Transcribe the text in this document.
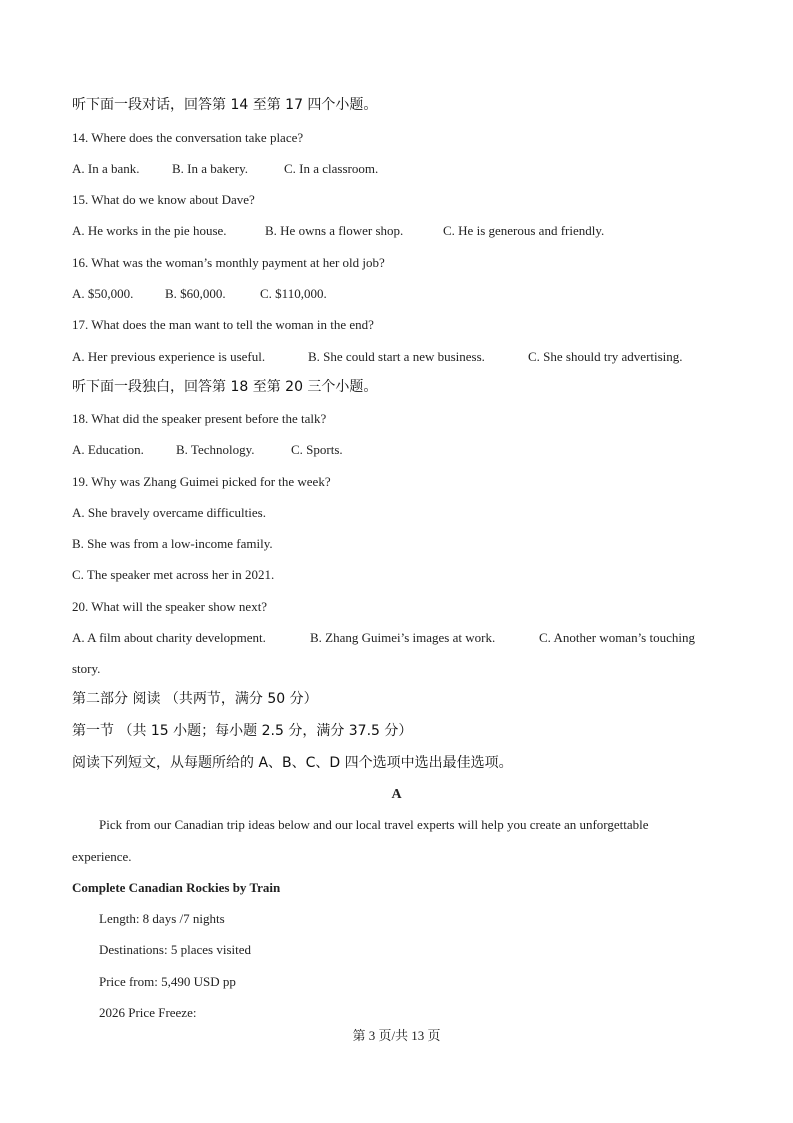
听下面一段对话，回答第 14 至第 17 四个小题。
14. Where does the conversation take place?
A. In a bank. B. In a bakery.	C. In a classroom.
15. What do we know about Dave?
A. He works in the pie house.	B. He owns a flower shop.	C. He is generous and friendly.
16. What was the woman’s monthly payment at her old job?
A. $50,000. B. $60,000.	C. $110,000.
17. What does the man want to tell the woman in the end?
A. Her previous experience is useful.	B. She could start a new business.	C. She should try advertising.
听下面一段独白，回答第 18 至第 20 三个小题。
18. What did the speaker present before the talk?
A. Education. B. Technology.	C. Sports.
19. Why was Zhang Guimei picked for the week?
A. She bravely overcame difficulties.
B. She was from a low-income family.
C. The speaker met across her in 2021.
20. What will the speaker show next?
A. A film about charity development.	B. Zhang Guimei’s images at work.	C. Another woman’s touching
story.
第二部分 阅读 （共两节，满分 50 分）
第一节 （共 15 小题；每小题 2.5 分，满分 37.5 分）
阅读下列短文，从每题所给的 A、B、C、D 四个选项中选出最佳选项。
A
Pick from our Canadian trip ideas below and our local travel experts will help you create an unforgettable
experience.
Complete Canadian Rockies by Train
Length: 8 days /7 nights
Destinations: 5 places visited
Price from: 5,490 USD pp
2026 Price Freeze:
第 3 页/共 13 页
